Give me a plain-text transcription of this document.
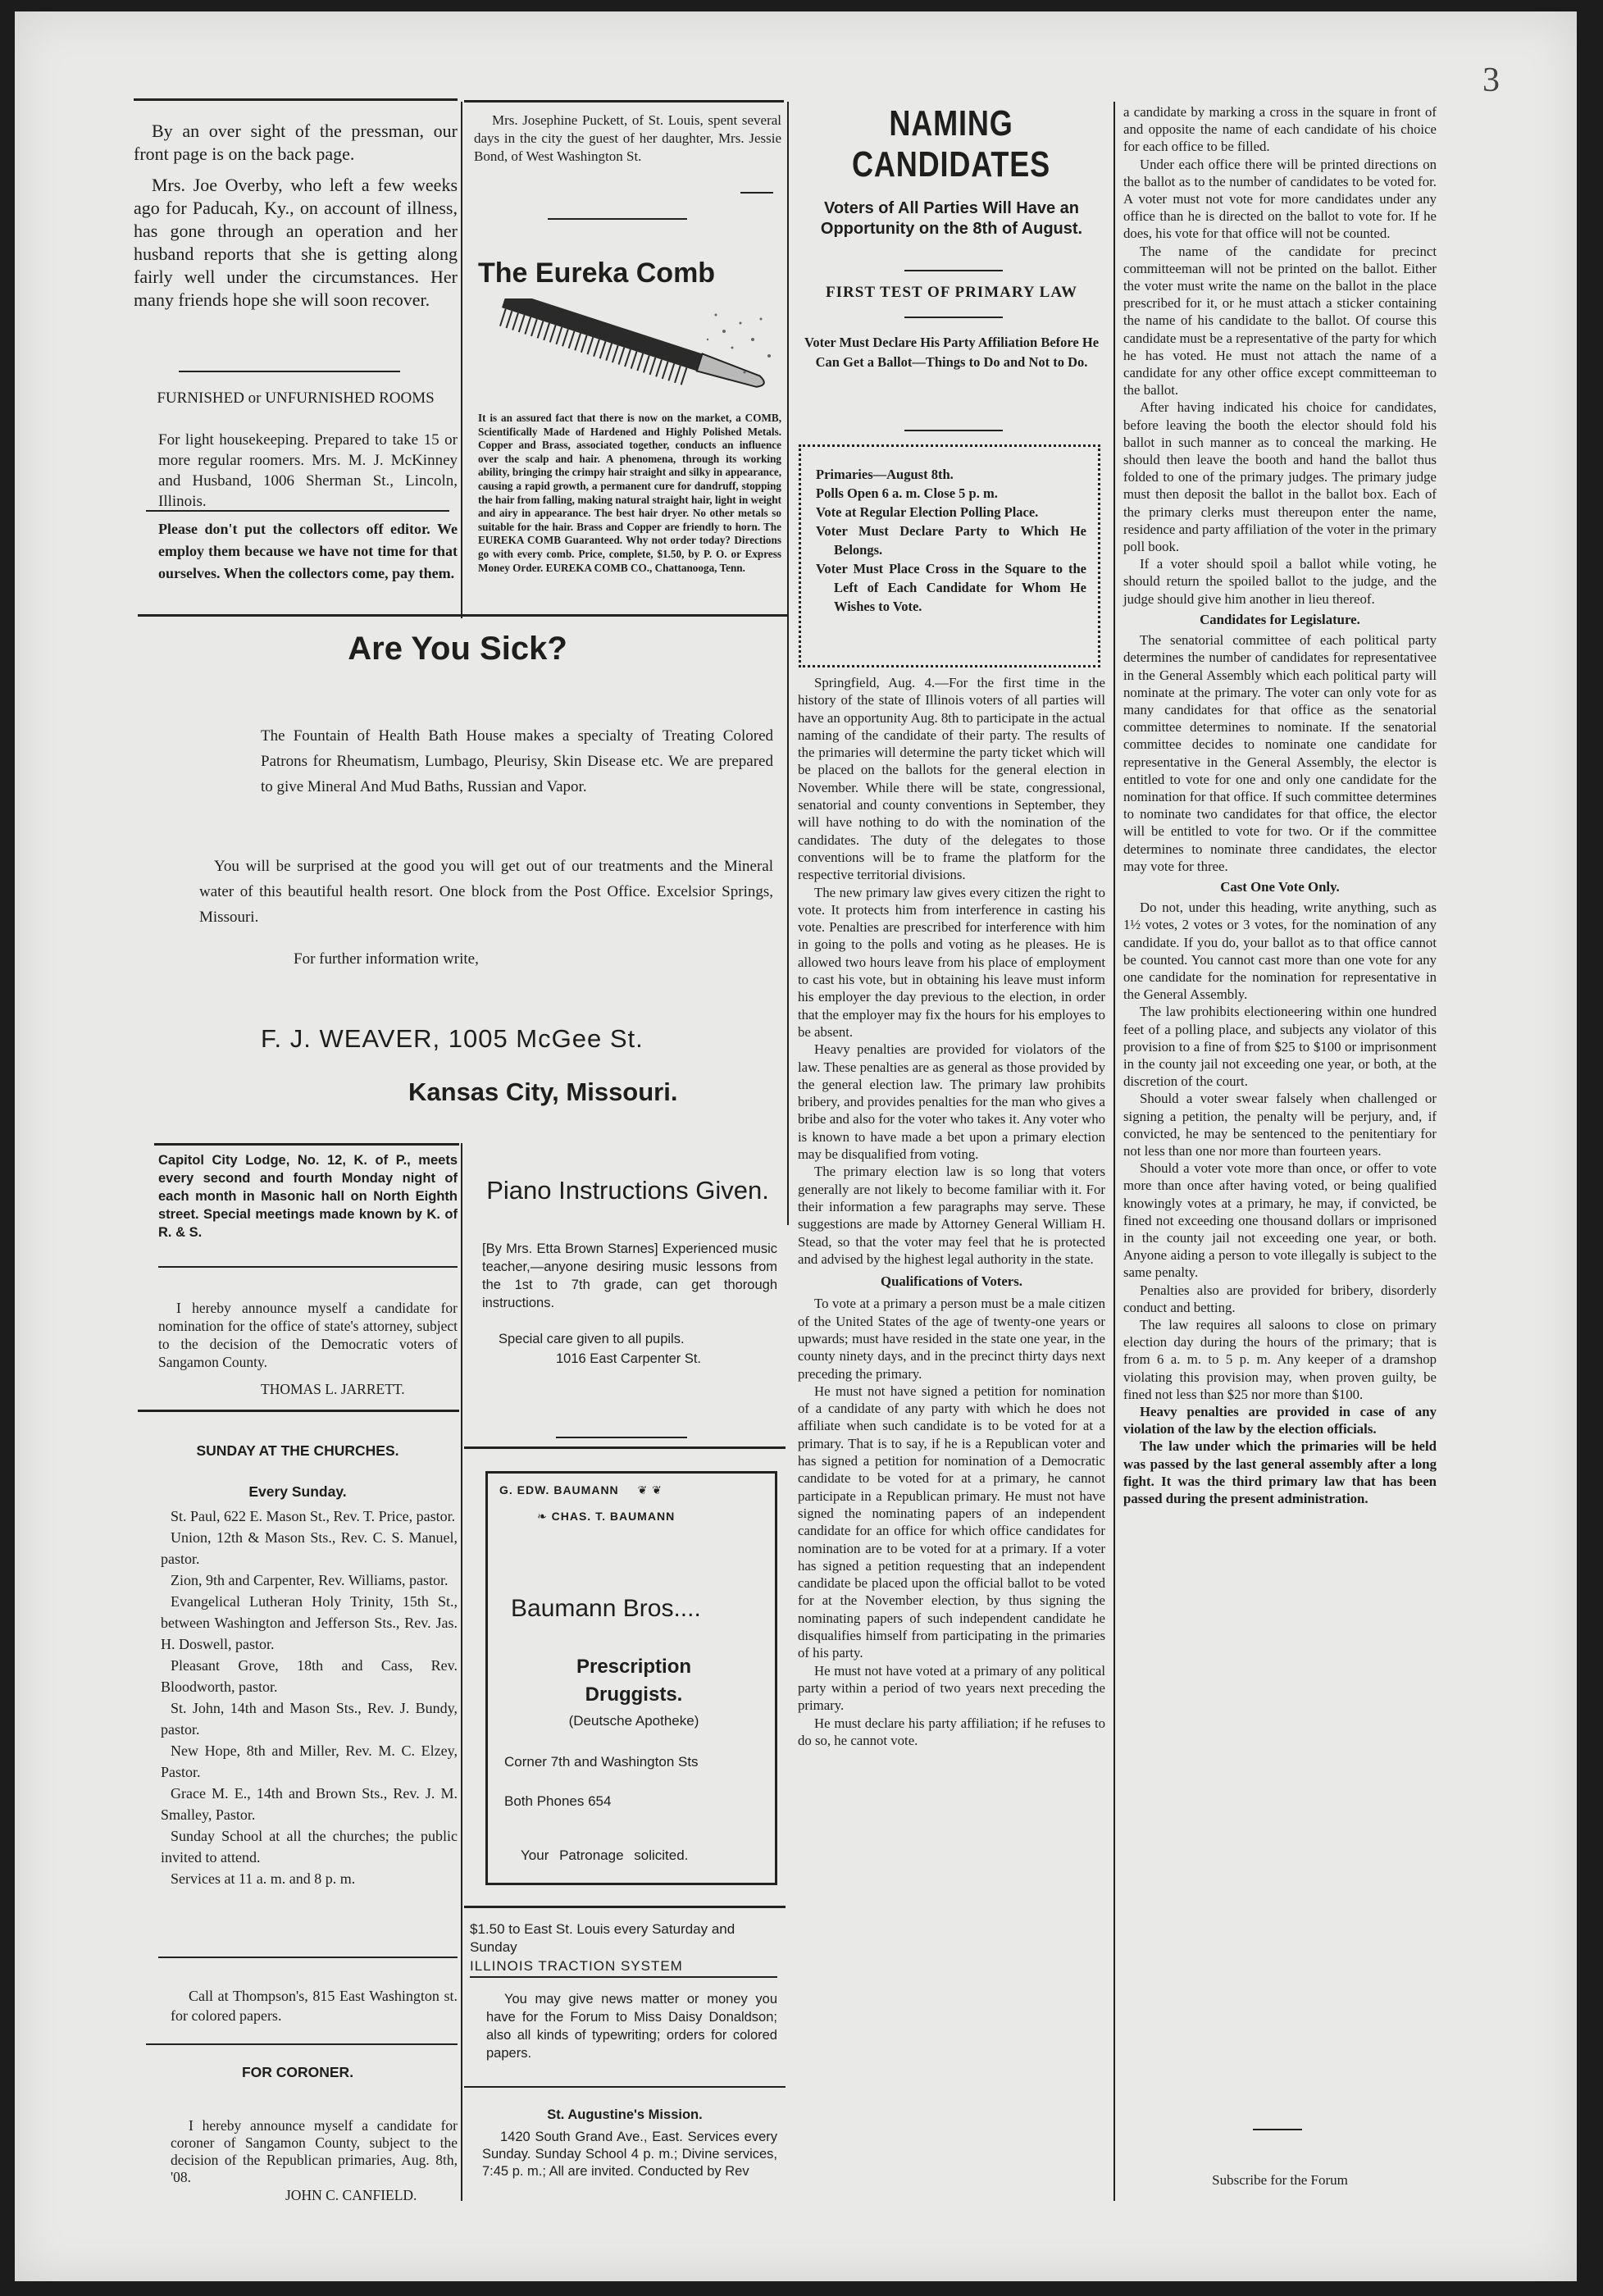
3

By an over sight of the pressman, our front page is on the back page.

Mrs. Joe Overby, who left a few weeks ago for Paducah, Ky., on account of illness, has gone through an operation and her husband reports that she is getting along fairly well under the circumstances. Her many friends hope she will soon recover.

FURNISHED or UNFURNISHED ROOMS

For light housekeeping. Prepared to take 15 or more regular roomers. Mrs. M. J. McKinney and Husband, 1006 Sherman St., Lincoln, Illinois.

Please don't put the collectors off editor. We employ them because we have not time for that ourselves. When the collectors come, pay them.

Mrs. Josephine Puckett, of St. Louis, spent several days in the city the guest of her daughter, Mrs. Jessie Bond, of West Washington St.

The Eureka Comb
It is an assured fact that there is now on the market, a COMB, Scientifically Made of Hardened and Highly Polished Metals. Copper and Brass, associated together, conducts an influence over the scalp and hair. A phenomena, through its working ability, bringing the crimpy hair straight and silky in appearance, causing a rapid growth, a permanent cure for dandruff, stopping the hair from falling, making natural straight hair, light in weight and airy in appearance. The best hair dryer. No other metals so suitable for the hair. Brass and Copper are friendly to horn. The EUREKA COMB Guaranteed. Why not order today? Directions go with every comb. Price, complete, $1.50, by P. O. or Express Money Order. EUREKA COMB CO., Chattanooga, Tenn.
Are You Sick?

The Fountain of Health Bath House makes a specialty of Treating Colored Patrons for Rheumatism, Lumbago, Pleurisy, Skin Disease etc. We are prepared to give Mineral And Mud Baths, Russian and Vapor.

You will be surprised at the good you will get out of our treatments and the Mineral water of this beautiful health resort. One block from the Post Office. Excelsior Springs, Missouri.

For further information write,
F. J. WEAVER, 1005 McGee St.
Kansas City, Missouri.
Capitol City Lodge, No. 12, K. of P., meets every second and fourth Monday night of each month in Masonic hall on North Eighth street. Special meetings made known by K. of R. & S.

I hereby announce myself a candidate for nomination for the office of state's attorney, subject to the decision of the Democratic voters of Sangamon County.

THOMAS L. JARRETT.
Piano Instructions Given.

[By Mrs. Etta Brown Starnes] Experienced music teacher,—anyone desiring music lessons from the 1st to 7th grade, can get thorough instructions.

Special care given to all pupils.
1016 East Carpenter St.
SUNDAY AT THE CHURCHES.
Every Sunday.

St. Paul, 622 E. Mason St., Rev. T. Price, pastor.

Union, 12th & Mason Sts., Rev. C. S. Manuel, pastor.

Zion, 9th and Carpenter, Rev. Williams, pastor.

Evangelical Lutheran Holy Trinity, 15th St., between Washington and Jefferson Sts., Rev. Jas. H. Doswell, pastor.

Pleasant Grove, 18th and Cass, Rev. Bloodworth, pastor.

St. John, 14th and Mason Sts., Rev. J. Bundy, pastor.

New Hope, 8th and Miller, Rev. M. C. Elzey, Pastor.

Grace M. E., 14th and Brown Sts., Rev. J. M. Smalley, Pastor.

Sunday School at all the churches; the public invited to attend.

Services at 11 a. m. and 8 p. m.

Call at Thompson's, 815 East Washington st. for colored papers.

FOR CORONER.

I hereby announce myself a candidate for coroner of Sangamon County, subject to the decision of the Republican primaries, Aug. 8th, '08.

JOHN C. CANFIELD.
G. EDW. BAUMANN ❦ ❦
❧ CHAS. T. BAUMANN
Baumann Bros....
Prescription
Druggists.
(Deutsche Apotheke)
Corner 7th and Washington Sts
Both Phones 654
Your Patronage solicited.
$1.50 to East St. Louis every Saturday and Sunday
ILLINOIS TRACTION SYSTEM

You may give news matter or money you have for the Forum to Miss Daisy Donaldson; also all kinds of typewriting; orders for colored papers.

St. Augustine's Mission.

1420 South Grand Ave., East. Services every Sunday. Sunday School 4 p. m.; Divine services, 7:45 p. m.; All are invited. Conducted by Rev

NAMING CANDIDATES
Voters of All Parties Will Have an Opportunity on the 8th of August.
FIRST TEST OF PRIMARY LAW
Voter Must Declare His Party Affiliation Before He Can Get a Ballot—Things to Do and Not to Do.

Primaries—August 8th.

Polls Open 6 a. m. Close 5 p. m.

Vote at Regular Election Polling Place.

Voter Must Declare Party to Which He Belongs.

Voter Must Place Cross in the Square to the Left of Each Candidate for Whom He Wishes to Vote.

Springfield, Aug. 4.—For the first time in the history of the state of Illinois voters of all parties will have an opportunity Aug. 8th to participate in the actual naming of the candidate of their party. The results of the primaries will determine the party ticket which will be placed on the ballots for the general election in November. While there will be state, congressional, senatorial and county conventions in September, they will have nothing to do with the nomination of the candidates. The duty of the delegates to those conventions will be to frame the platform for the respective territorial divisions.

The new primary law gives every citizen the right to vote. It protects him from interference in casting his vote. Penalties are prescribed for interference with him in going to the polls and voting as he pleases. He is allowed two hours leave from his place of employment to cast his vote, but in obtaining his leave must inform his employer the day previous to the election, in order that the employer may fix the hours for his employes to be absent.

Heavy penalties are provided for violators of the law. These penalties are as general as those provided by the general election law. The primary law prohibits bribery, and provides penalties for the man who gives a bribe and also for the voter who takes it. Any voter who is known to have made a bet upon a primary election may be disqualified from voting.

The primary election law is so long that voters generally are not likely to become familiar with it. For their information a few paragraphs may serve. These suggestions are made by Attorney General William H. Stead, so that the voter may feel that he is protected and advised by the highest legal authority in the state.

Qualifications of Voters.

To vote at a primary a person must be a male citizen of the United States of the age of twenty-one years or upwards; must have resided in the state one year, in the county ninety days, and in the precinct thirty days next preceding the primary.

He must not have signed a petition for nomination of a candidate of any party with which he does not affiliate when such candidate is to be voted for at a primary. That is to say, if he is a Republican voter and has signed a petition for nomination of a Democratic candidate to be voted for at a primary, he cannot participate in a Republican primary. He must not have signed the nominating papers of an independent candidate for an office for which office candidates for nomination are to be voted for at a primary. If a voter has signed a petition requesting that an independent candidate be placed upon the official ballot to be voted for at the November election, by thus signing the nominating papers of such independent candidate he disqualifies himself from participating in the primaries of his party.

He must not have voted at a primary of any political party within a period of two years next preceding the primary.

He must declare his party affiliation; if he refuses to do so, he cannot vote.

a candidate by marking a cross in the square in front of and opposite the name of each candidate of his choice for each office to be filled.

Under each office there will be printed directions on the ballot as to the number of candidates to be voted for. A voter must not vote for more candidates under any office than he is directed on the ballot to vote for. If he does, his vote for that office will not be counted.

The name of the candidate for precinct committeeman will not be printed on the ballot. Either the voter must write the name on the ballot in the place prescribed for it, or he must attach a sticker containing the name of his candidate to the ballot. Of course this candidate must be a representative of the party for which he has voted. He must not attach the name of a candidate for any other office except committeeman to the ballot.

After having indicated his choice for candidates, before leaving the booth the elector should fold his ballot in such manner as to conceal the marking. He should then leave the booth and hand the ballot thus folded to one of the primary judges. The primary judge must then deposit the ballot in the ballot box. Each of the primary clerks must thereupon enter the name, residence and party affiliation of the voter in the primary poll book.

If a voter should spoil a ballot while voting, he should return the spoiled ballot to the judge, and the judge should give him another in lieu thereof.

Candidates for Legislature.

The senatorial committee of each political party determines the number of candidates for representativee in the General Assembly which each political party will nominate at the primary. The voter can only vote for as many candidates for that office as the senatorial committee determines to nominate. If the senatorial committee decides to nominate one candidate for representative in the General Assembly, the elector is entitled to vote for one and only one candidate for the nomination for that office. If such committee determines to nominate two candidates for that office, the elector will be entitled to vote for two. Or if the committee determines to nominate three candidates, the elector may vote for three.

Cast One Vote Only.

Do not, under this heading, write anything, such as 1½ votes, 2 votes or 3 votes, for the nomination of any candidate. If you do, your ballot as to that office cannot be counted. You cannot cast more than one vote for any one candidate for the nomination for representative in the General Assembly.

The law prohibits electioneering within one hundred feet of a polling place, and subjects any violator of this provision to a fine of from $25 to $100 or imprisonment in the county jail not exceeding one year, or both, at the discretion of the court.

Should a voter swear falsely when challenged or signing a petition, the penalty will be perjury, and, if convicted, he may be sentenced to the penitentiary for not less than one nor more than fourteen years.

Should a voter vote more than once, or offer to vote more than once after having voted, or being qualified knowingly votes at a primary, he may, if convicted, be fined not exceeding one thousand dollars or imprisoned in the county jail not exceeding one year, or both. Anyone aiding a person to vote illegally is subject to the same penalty.

Penalties also are provided for bribery, disorderly conduct and betting.

The law requires all saloons to close on primary election day during the hours of the primary; that is from 6 a. m. to 5 p. m. Any keeper of a dramshop violating this provision may, when proven guilty, be fined not less than $25 nor more than $100.

Heavy penalties are provided in case of any violation of the law by the election officials.

The law under which the primaries will be held was passed by the last general assembly after a long fight. It was the third primary law that has been passed during the present administration.

Subscribe for the Forum
